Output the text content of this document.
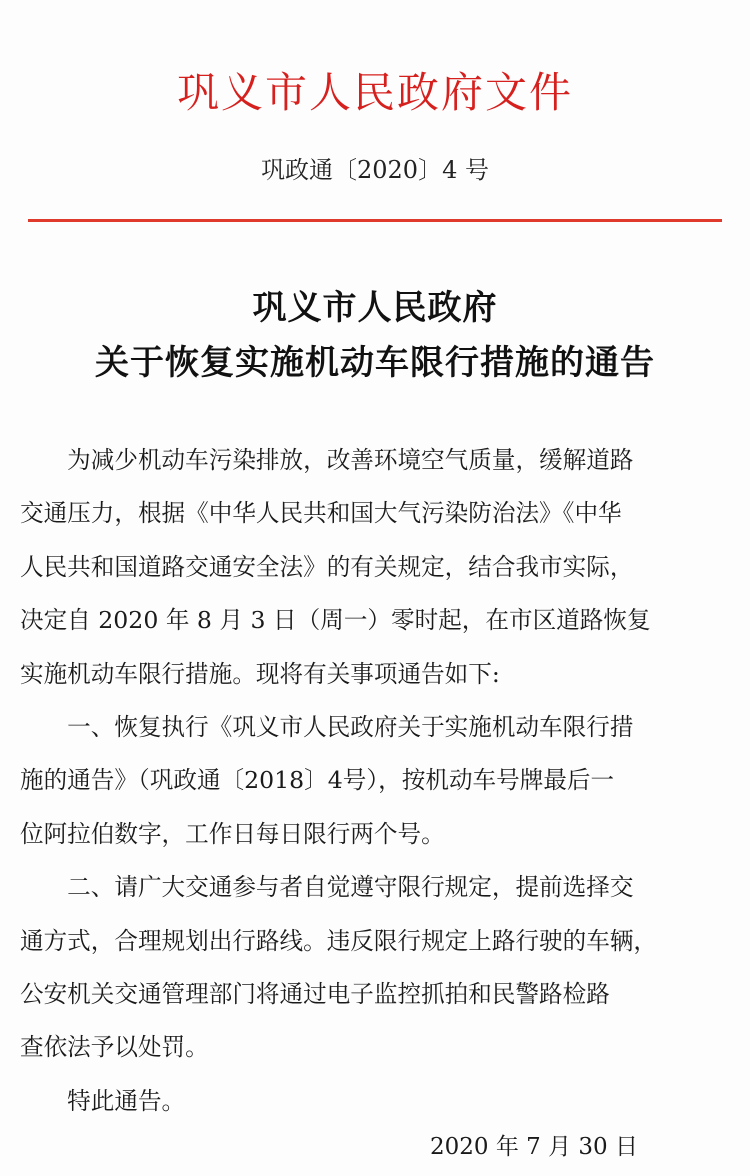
巩义市人民政府文件
巩政通〔2020〕4 号
巩义市人民政府
关于恢复实施机动车限行措施的通告
　　为减少机动车污染排放，改善环境空气质量，缓解道路
交通压力，根据《中华人民共和国大气污染防治法》《中华
人民共和国道路交通安全法》的有关规定，结合我市实际，
决定自 2020 年 8 月 3 日（周一）零时起，在市区道路恢复
实施机动车限行措施。现将有关事项通告如下:
　　一、恢复执行《巩义市人民政府关于实施机动车限行措
施的通告》（巩政通〔2018〕4号），按机动车号牌最后一
位阿拉伯数字，工作日每日限行两个号。
　　二、请广大交通参与者自觉遵守限行规定，提前选择交
通方式，合理规划出行路线。违反限行规定上路行驶的车辆，
公安机关交通管理部门将通过电子监控抓拍和民警路检路
查依法予以处罚。
　　特此通告。
2020 年 7 月 30 日
